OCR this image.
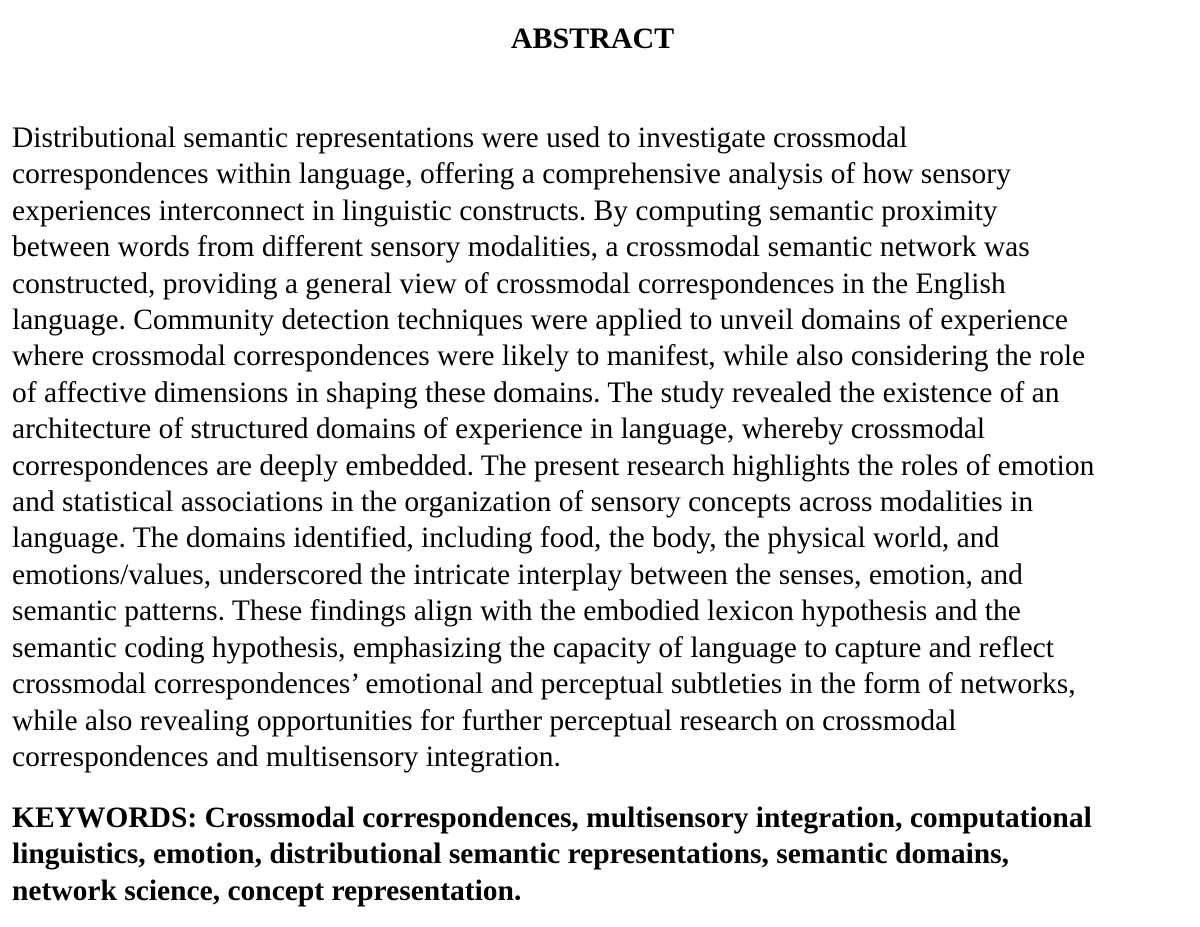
ABSTRACT

Distributional semantic representations were used to investigate crossmodal
correspondences within language, offering a comprehensive analysis of how sensory
experiences interconnect in linguistic constructs. By computing semantic proximity
between words from different sensory modalities, a crossmodal semantic network was
constructed, providing a general view of crossmodal correspondences in the English
language. Community detection techniques were applied to unveil domains of experience
where crossmodal correspondences were likely to manifest, while also considering the role
of affective dimensions in shaping these domains. The study revealed the existence of an
architecture of structured domains of experience in language, whereby crossmodal
correspondences are deeply embedded. The present research highlights the roles of emotion
and statistical associations in the organization of sensory concepts across modalities in
language. The domains identified, including food, the body, the physical world, and
emotions/values, underscored the intricate interplay between the senses, emotion, and
semantic patterns. These findings align with the embodied lexicon hypothesis and the
semantic coding hypothesis, emphasizing the capacity of language to capture and reflect
crossmodal correspondences’ emotional and perceptual subtleties in the form of networks,
while also revealing opportunities for further perceptual research on crossmodal
correspondences and multisensory integration.

KEYWORDS: Crossmodal correspondences, multisensory integration, computational
linguistics, emotion, distributional semantic representations, semantic domains,
network science, concept representation.
